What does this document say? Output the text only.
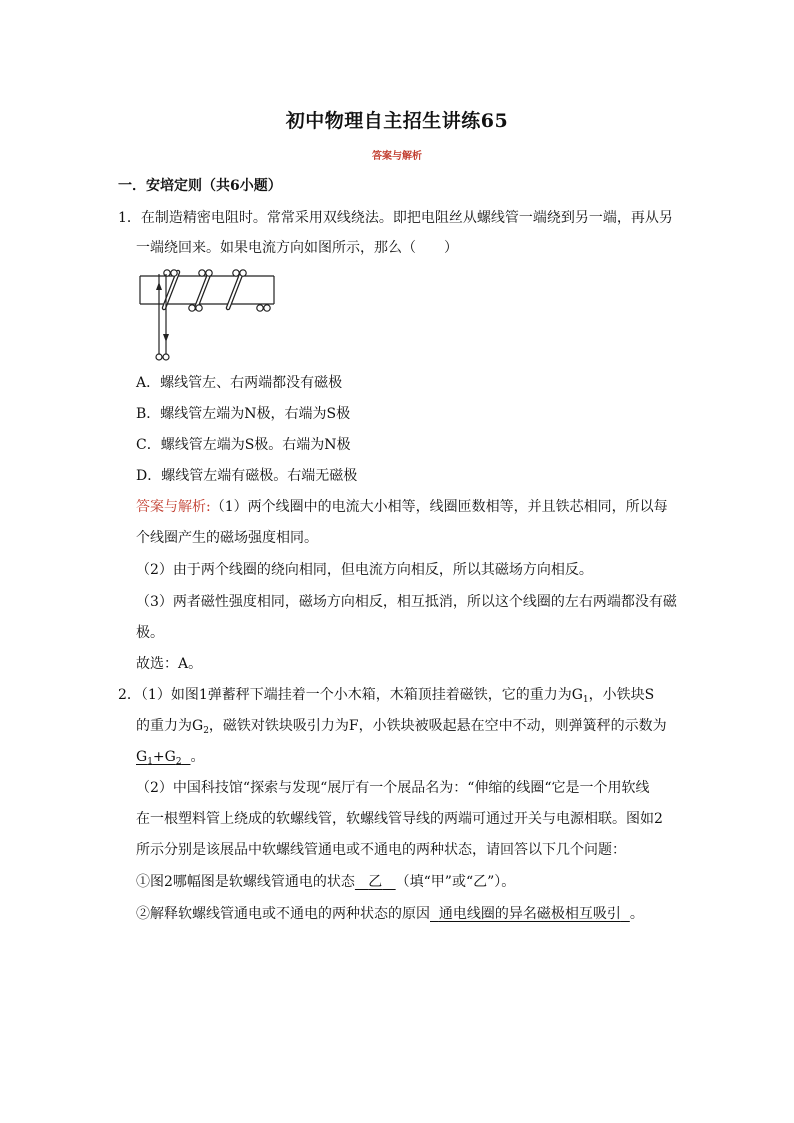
初中物理自主招生讲练65
答案与解析
一．安培定则（共6小题）
1．在制造精密电阻时。常常采用双线绕法。即把电阻丝从螺线管一端绕到另一端，再从另
一端绕回来。如果电流方向如图所示，那么（　　）
A．螺线管左、右两端都没有磁极
B．螺线管左端为N极，右端为S极
C．螺线管左端为S极。右端为N极
D．螺线管左端有磁极。右端无磁极
答案与解析:（1）两个线圈中的电流大小相等，线圈匝数相等，并且铁芯相同，所以每
个线圈产生的磁场强度相同。
（2）由于两个线圈的绕向相同，但电流方向相反，所以其磁场方向相反。
（3）两者磁性强度相同，磁场方向相反，相互抵消，所以这个线圈的左右两端都没有磁
极。
故选：A。
2．（1）如图1弹蓄秤下端挂着一个小木箱，木箱顶挂着磁铁，它的重力为$G_1$，小铁块S
的重力为$G_2$，磁铁对铁块吸引力为F，小铁块被吸起悬在空中不动，则弹簧秤的示数为
$G_1+G_2$ 。
（2）中国科技馆“探索与发现“展厅有一个展品名为：“伸缩的线圈“它是一个用软线
在一根塑料管上绕成的软螺线管，软螺线管导线的两端可通过开关与电源相联。图如2
所示分别是该展品中软螺线管通电或不通电的两种状态，请回答以下几个问题：
①图2哪幅图是软螺线管通电的状态 乙 （填“甲”或“乙”）。
②解释软螺线管通电或不通电的两种状态的原因 通电线圈的异名磁极相互吸引 。
